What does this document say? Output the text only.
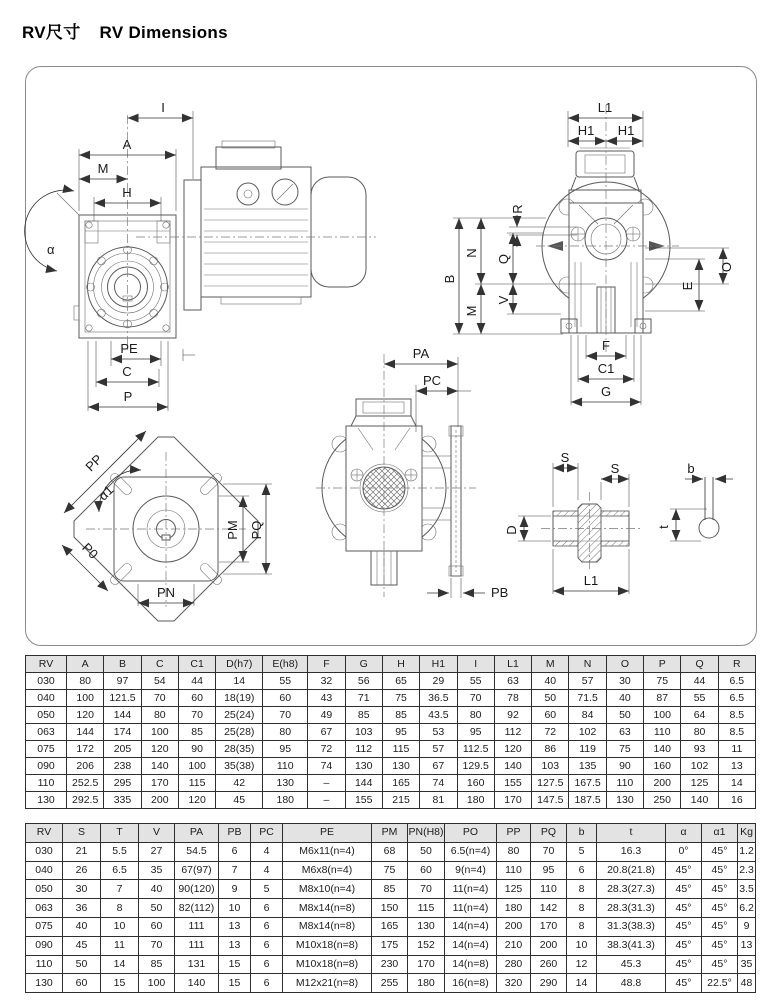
RV尺寸 RV Dimensions
I
A
M
H
α
PE
C
P
L1
H1 H1
R
B
N
Q
M
V
O
E
F
C1
G
PA
PC
PB
PP
α1
P0
PM PQ
PN
S
S
D
L1
b
t
RV	A	B	C	C1	D(h7)	E(h8)	F	G	H	H1	I	L1	M	N	O	P	Q	R
030	80	97	54	44	14	55	32	56	65	29	55	63	40	57	30	75	44	6.5
040	100	121.5	70	60	18(19)	60	43	71	75	36.5	70	78	50	71.5	40	87	55	6.5
050	120	144	80	70	25(24)	70	49	85	85	43.5	80	92	60	84	50	100	64	8.5
063	144	174	100	85	25(28)	80	67	103	95	53	95	112	72	102	63	110	80	8.5
075	172	205	120	90	28(35)	95	72	112	115	57	112.5	120	86	119	75	140	93	11
090	206	238	140	100	35(38)	110	74	130	130	67	129.5	140	103	135	90	160	102	13
110	252.5	295	170	115	42	130	–	144	165	74	160	155	127.5	167.5	110	200	125	14
130	292.5	335	200	120	45	180	–	155	215	81	180	170	147.5	187.5	130	250	140	16
RV	S	T	V	PA	PB	PC	PE	PM	PN(H8)	PO	PP	PQ	b	t	α	α1	Kg
030	21	5.5	27	54.5	6	4	M6x11(n=4)	68	50	6.5(n=4)	80	70	5	16.3	0°	45°	1.2
040	26	6.5	35	67(97)	7	4	M6x8(n=4)	75	60	9(n=4)	110	95	6	20.8(21.8)	45°	45°	2.3
050	30	7	40	90(120)	9	5	M8x10(n=4)	85	70	11(n=4)	125	110	8	28.3(27.3)	45°	45°	3.5
063	36	8	50	82(112)	10	6	M8x14(n=8)	150	115	11(n=4)	180	142	8	28.3(31.3)	45°	45°	6.2
075	40	10	60	111	13	6	M8x14(n=8)	165	130	14(n=4)	200	170	8	31.3(38.3)	45°	45°	9
090	45	11	70	111	13	6	M10x18(n=8)	175	152	14(n=4)	210	200	10	38.3(41.3)	45°	45°	13
110	50	14	85	131	15	6	M10x18(n=8)	230	170	14(n=8)	280	260	12	45.3	45°	45°	35
130	60	15	100	140	15	6	M12x21(n=8)	255	180	16(n=8)	320	290	14	48.8	45°	22.5°	48
